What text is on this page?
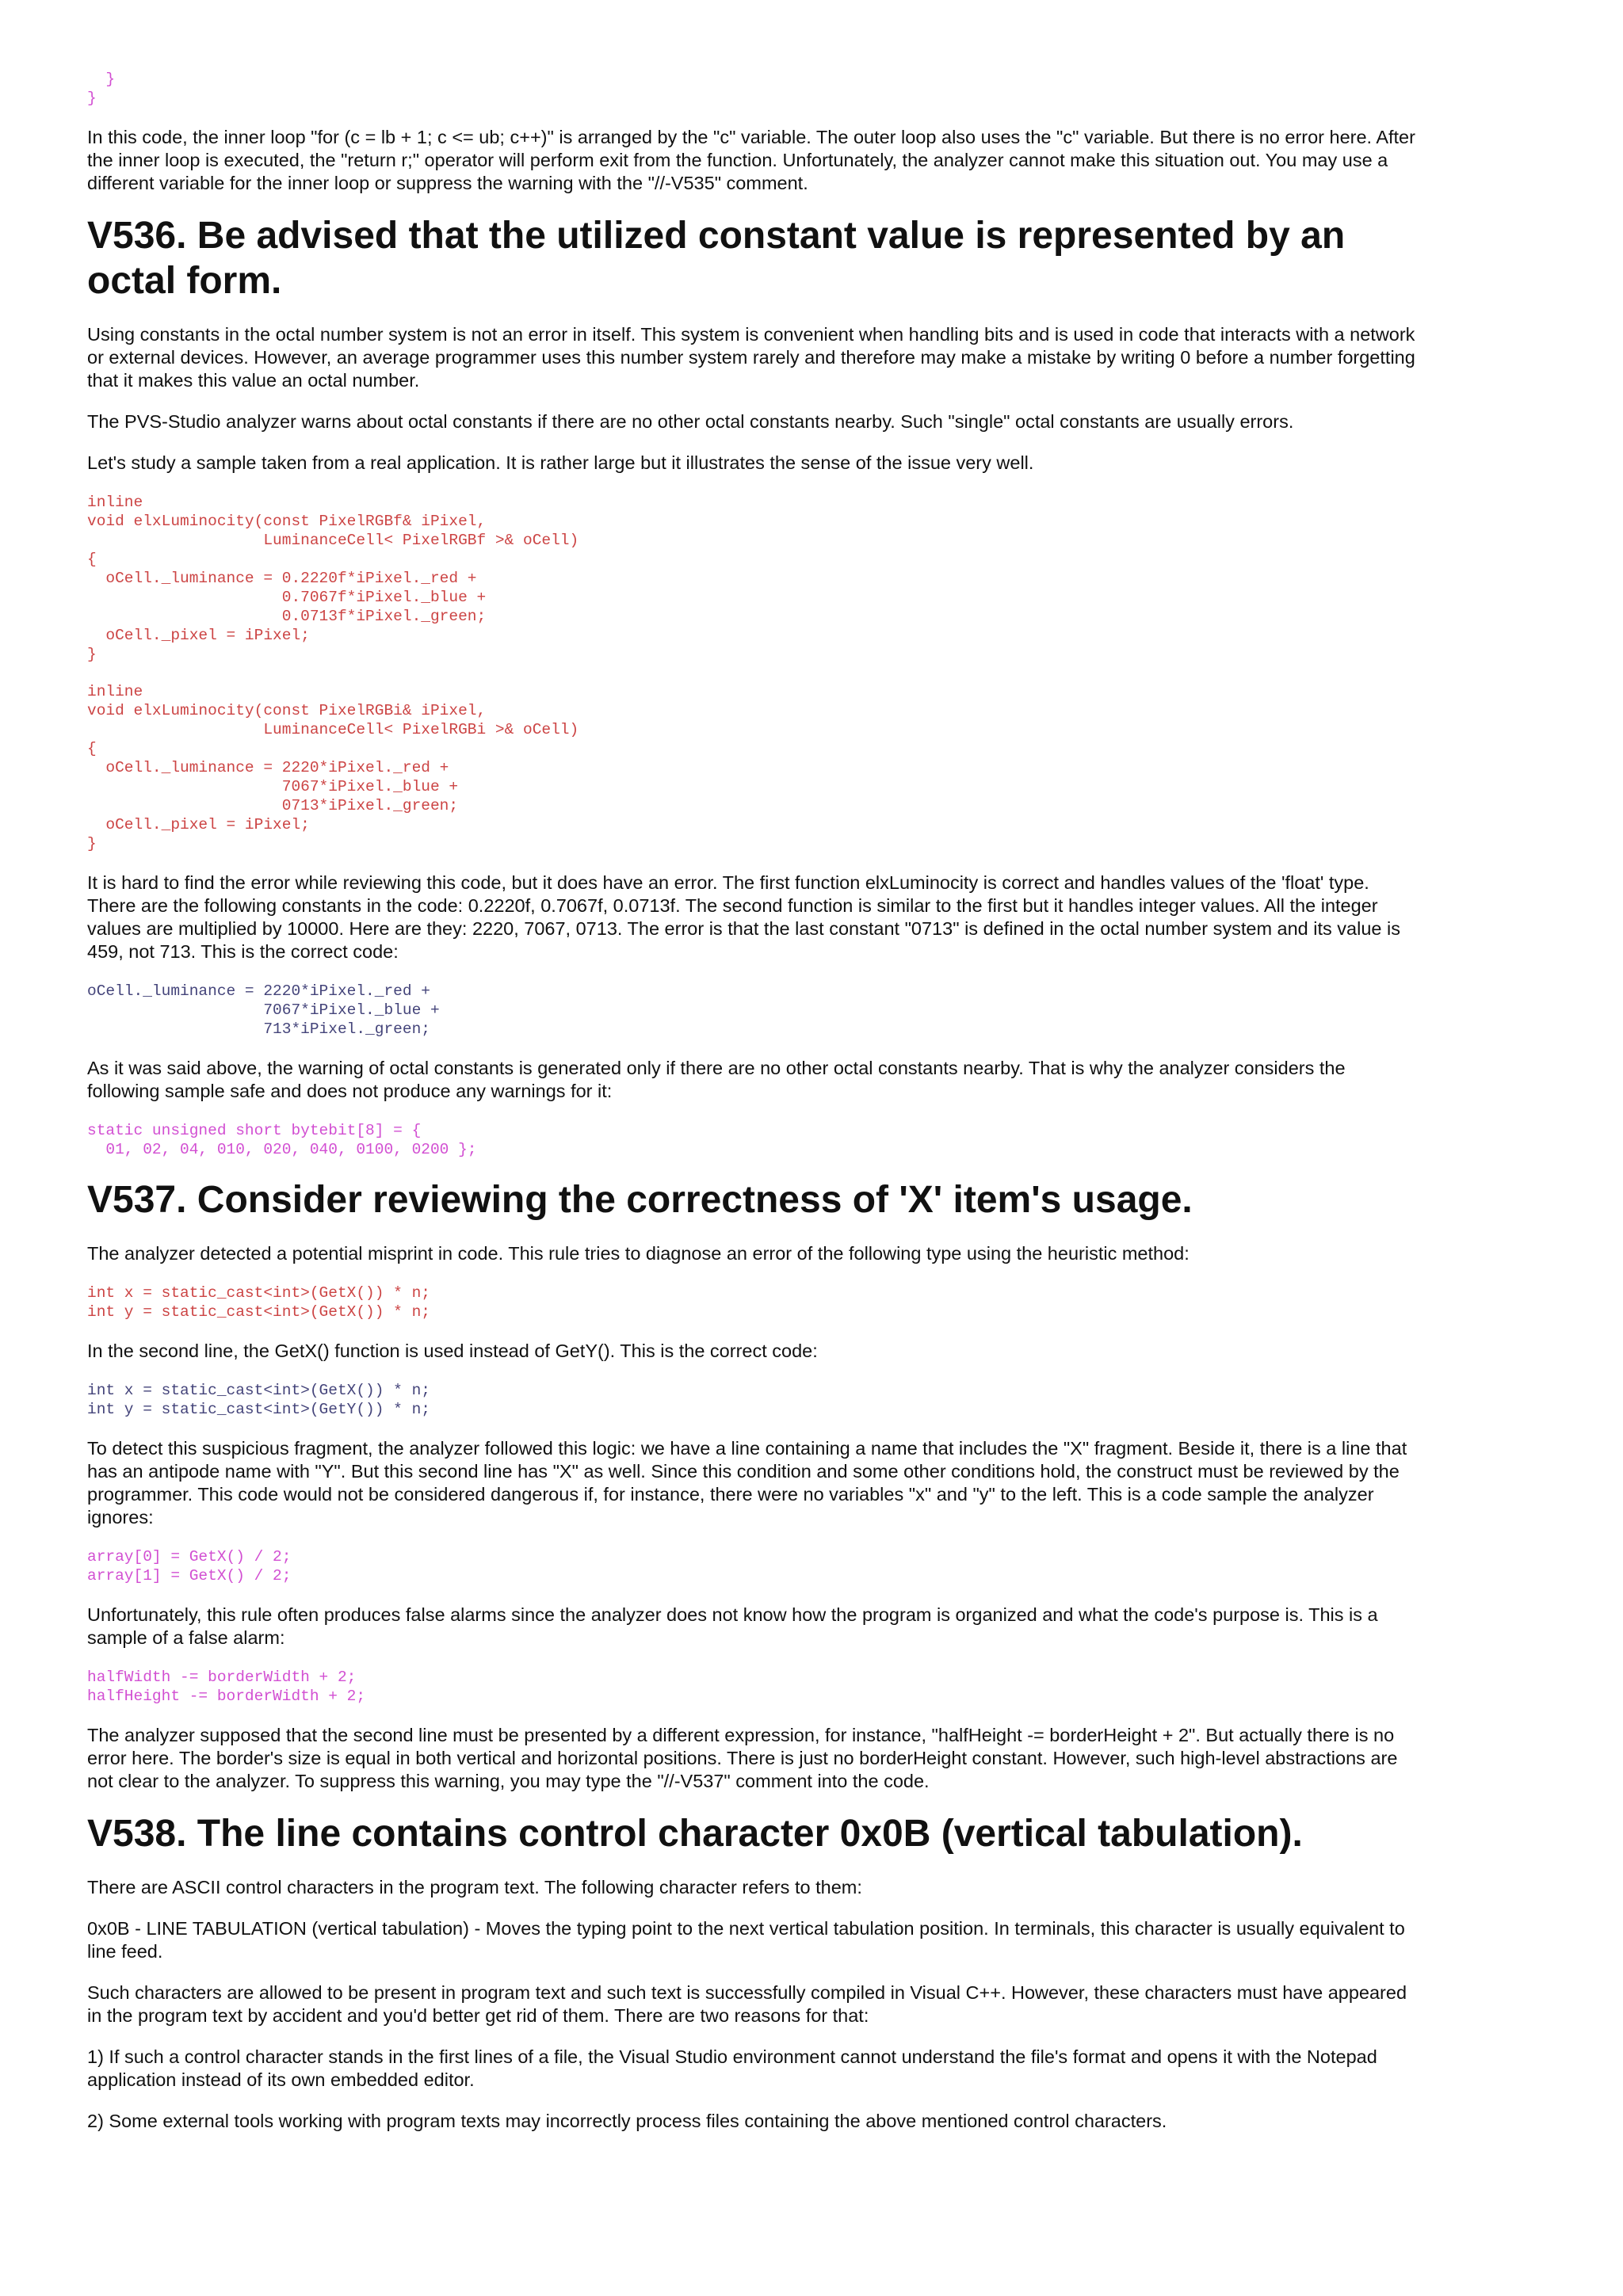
}
}

In this code, the inner loop "for (c = lb + 1; c <= ub; c++)" is arranged by the "c" variable. The outer loop also uses the "c" variable. But there is no error here. After the inner loop is executed, the "return r;" operator will perform exit from the function. Unfortunately, the analyzer cannot make this situation out. You may use a different variable for the inner loop or suppress the warning with the "//-V535" comment.

V536. Be advised that the utilized constant value is represented by an octal form.

Using constants in the octal number system is not an error in itself. This system is convenient when handling bits and is used in code that interacts with a network or external devices. However, an average programmer uses this number system rarely and therefore may make a mistake by writing 0 before a number forgetting that it makes this value an octal number.

The PVS-Studio analyzer warns about octal constants if there are no other octal constants nearby. Such "single" octal constants are usually errors.

Let's study a sample taken from a real application. It is rather large but it illustrates the sense of the issue very well.

inline
void elxLuminocity(const PixelRGBf& iPixel,
LuminanceCell< PixelRGBf >& oCell)
{
oCell._luminance = 0.2220f*iPixel._red +
0.7067f*iPixel._blue +
0.0713f*iPixel._green;
oCell._pixel = iPixel;
}
inline
void elxLuminocity(const PixelRGBi& iPixel,
LuminanceCell< PixelRGBi >& oCell)
{
oCell._luminance = 2220*iPixel._red +
7067*iPixel._blue +
0713*iPixel._green;
oCell._pixel = iPixel;
}

It is hard to find the error while reviewing this code, but it does have an error. The first function elxLuminocity is correct and handles values of the 'float' type. There are the following constants in the code: 0.2220f, 0.7067f, 0.0713f. The second function is similar to the first but it handles integer values. All the integer values are multiplied by 10000. Here are they: 2220, 7067, 0713. The error is that the last constant "0713" is defined in the octal number system and its value is 459, not 713. This is the correct code:

oCell._luminance = 2220*iPixel._red +
7067*iPixel._blue +
713*iPixel._green;

As it was said above, the warning of octal constants is generated only if there are no other octal constants nearby. That is why the analyzer considers the following sample safe and does not produce any warnings for it:

static unsigned short bytebit[8] = {
01, 02, 04, 010, 020, 040, 0100, 0200 };
V537. Consider reviewing the correctness of 'X' item's usage.

The analyzer detected a potential misprint in code. This rule tries to diagnose an error of the following type using the heuristic method:

int x = static_cast<int>(GetX()) * n;
int y = static_cast<int>(GetX()) * n;

In the second line, the GetX() function is used instead of GetY(). This is the correct code:

int x = static_cast<int>(GetX()) * n;
int y = static_cast<int>(GetY()) * n;

To detect this suspicious fragment, the analyzer followed this logic: we have a line containing a name that includes the "X" fragment. Beside it, there is a line that has an antipode name with "Y". But this second line has "X" as well. Since this condition and some other conditions hold, the construct must be reviewed by the programmer. This code would not be considered dangerous if, for instance, there were no variables "x" and "y" to the left. This is a code sample the analyzer ignores:

array[0] = GetX() / 2;
array[1] = GetX() / 2;

Unfortunately, this rule often produces false alarms since the analyzer does not know how the program is organized and what the code's purpose is. This is a sample of a false alarm:

halfWidth -= borderWidth + 2;
halfHeight -= borderWidth + 2;

The analyzer supposed that the second line must be presented by a different expression, for instance, "halfHeight -= borderHeight + 2". But actually there is no error here. The border's size is equal in both vertical and horizontal positions. There is just no borderHeight constant. However, such high-level abstractions are not clear to the analyzer. To suppress this warning, you may type the "//-V537" comment into the code.

V538. The line contains control character 0x0B (vertical tabulation).

There are ASCII control characters in the program text. The following character refers to them:

0x0B - LINE TABULATION (vertical tabulation) - Moves the typing point to the next vertical tabulation position. In terminals, this character is usually equivalent to line feed.

Such characters are allowed to be present in program text and such text is successfully compiled in Visual C++. However, these characters must have appeared in the program text by accident and you'd better get rid of them. There are two reasons for that:

1) If such a control character stands in the first lines of a file, the Visual Studio environment cannot understand the file's format and opens it with the Notepad application instead of its own embedded editor.

2) Some external tools working with program texts may incorrectly process files containing the above mentioned control characters.
